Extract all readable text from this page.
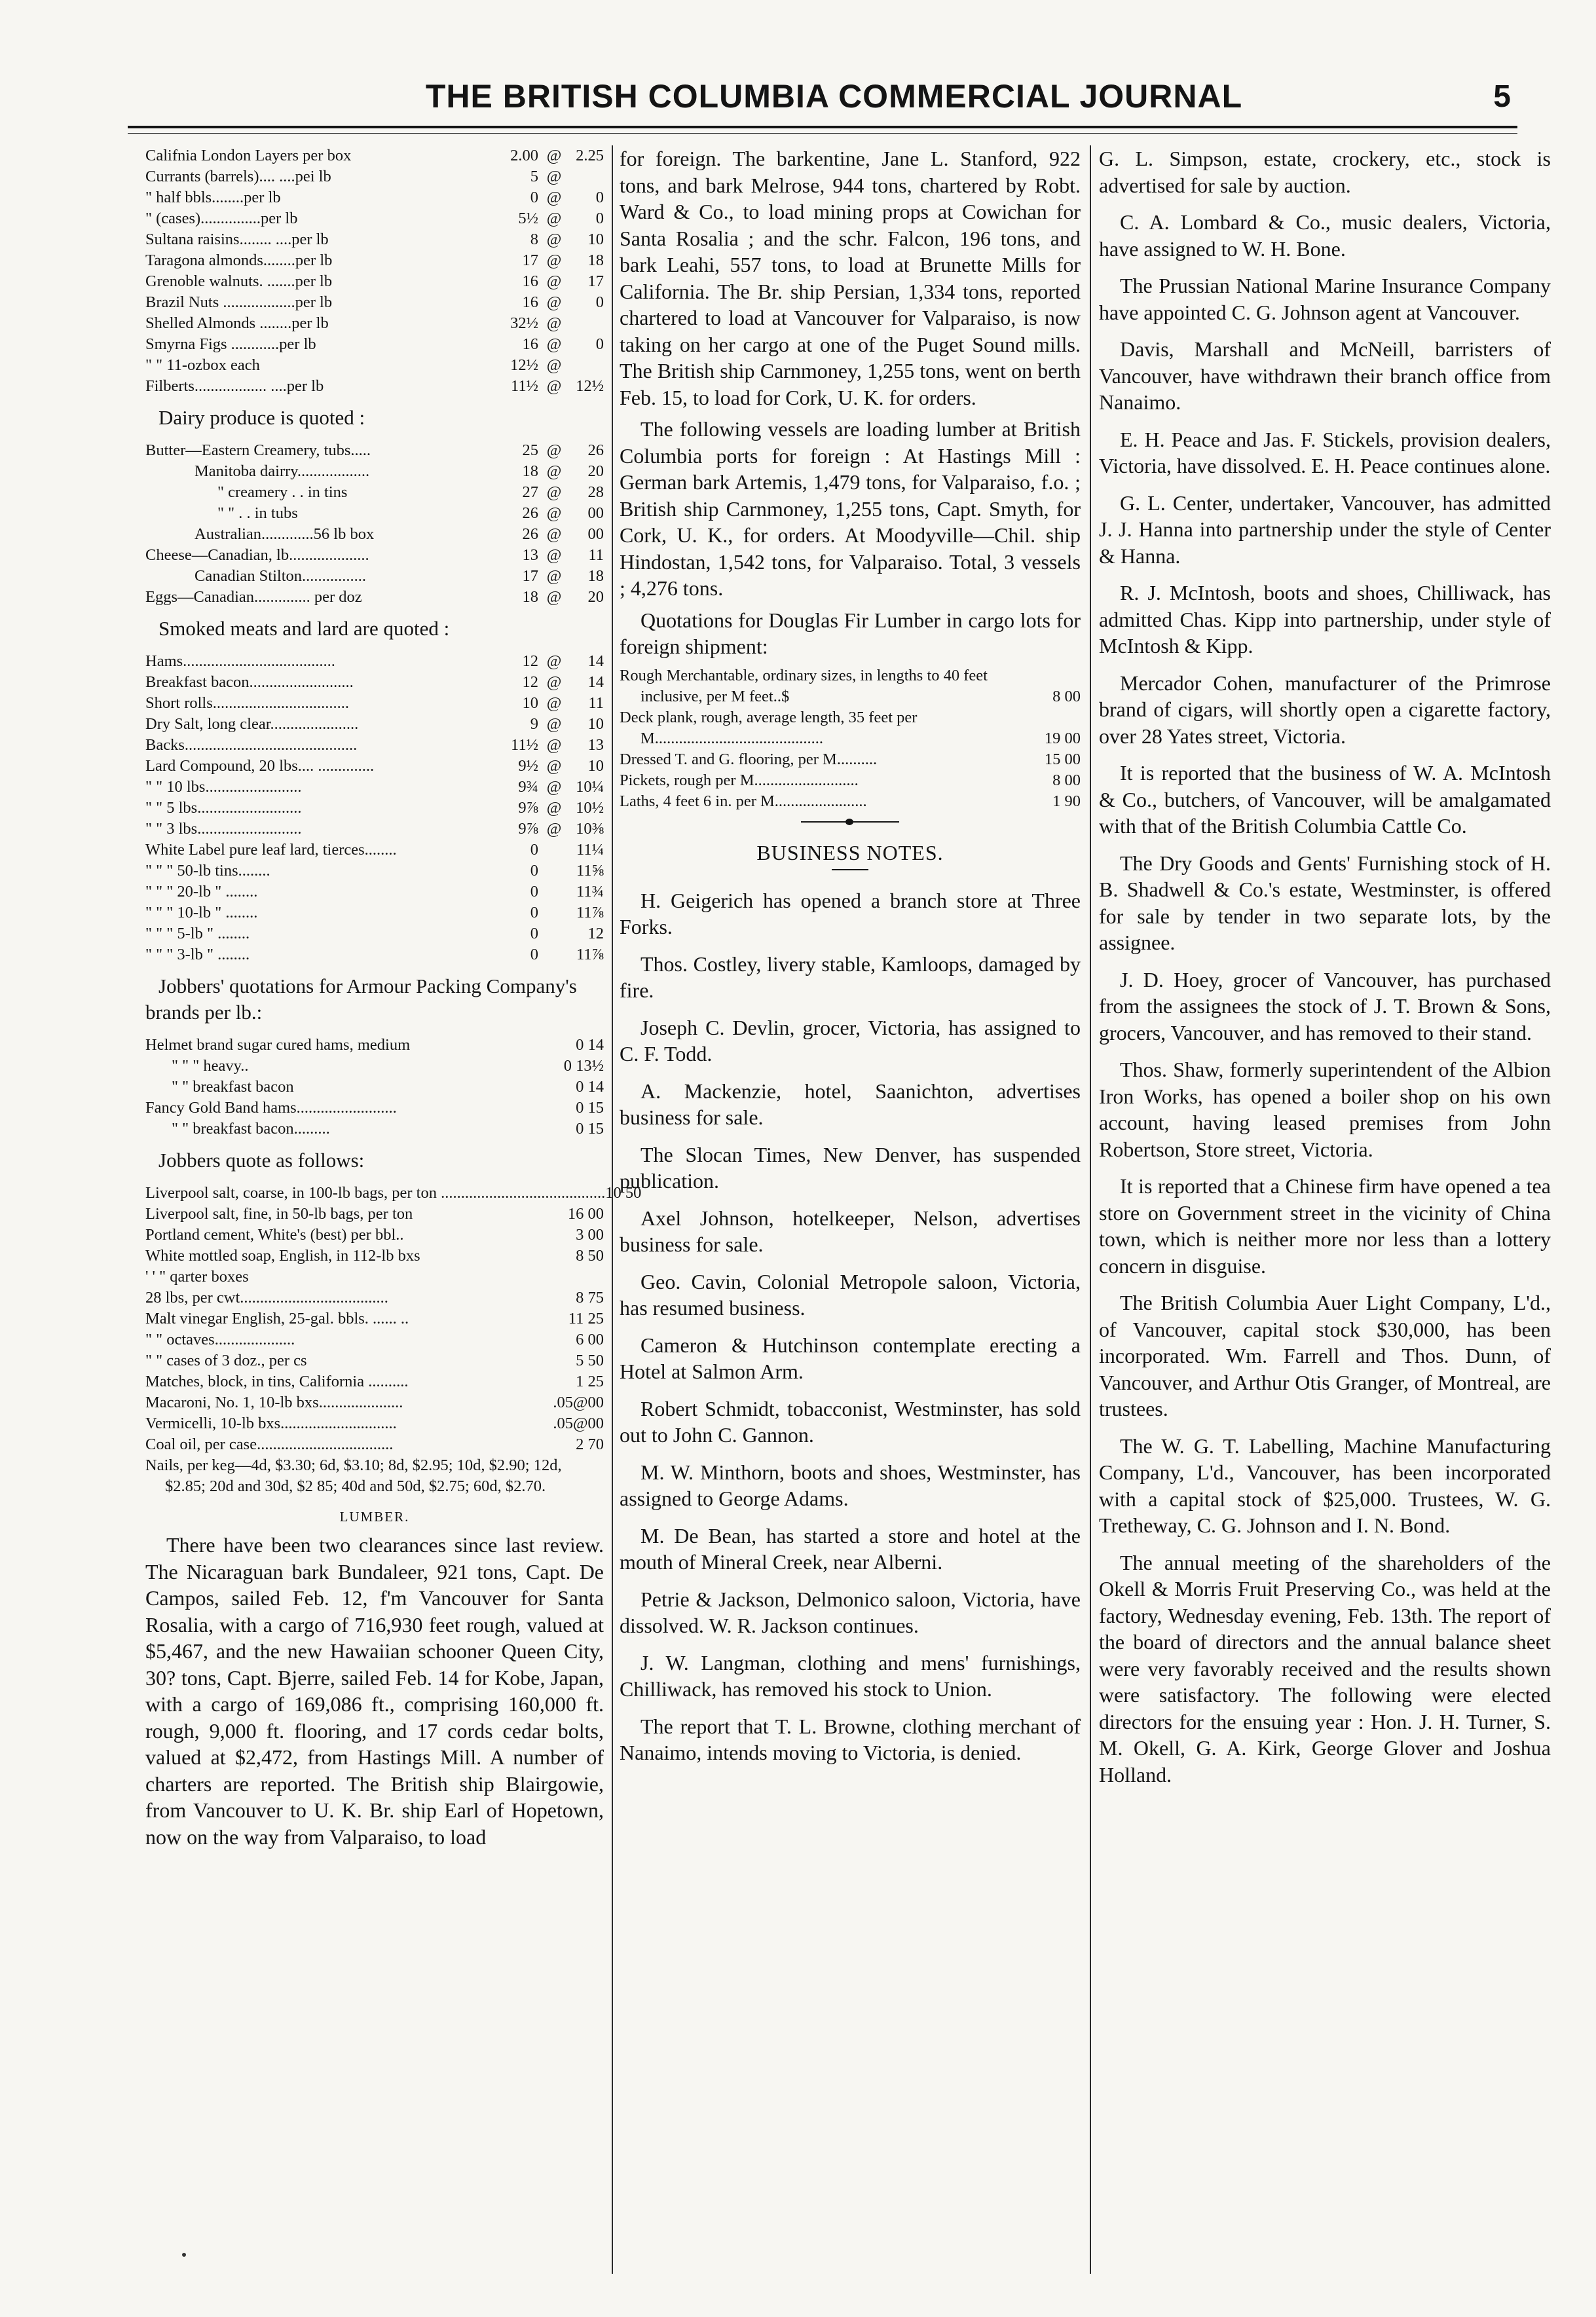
THE BRITISH COLUMBIA COMMERCIAL JOURNAL	5
Califnia London Layers per box	2.00 @ 2.25
Currants (barrels).... ....pei lb	5 @
" half bbls........per lb	0 @	0
" (cases)...............per lb	5½ @	0
Sultana raisins........ ....per lb	8 @	10
Taragona almonds........per lb	17 @	18
Grenoble walnuts. .......per lb	16 @	17
Brazil Nuts ..................per lb	16 @	0
Shelled Almonds ........per lb	32½ @
Smyrna Figs ............per lb	16 @	0
" " 11-ozbox each	12½ @
Filberts.................. ....per lb	11½ @ 12½
Dairy produce is quoted :
Butter—Eastern Creamery, tubs.....	25 @	26
Manitoba dairry..................	18 @	20
" creamery . . in tins	27 @	28
" " . . in tubs	26 @	00
Australian.............56 lb box	26 @	00
Cheese—Canadian, lb....................	13 @	11
Canadian Stilton................	17 @	18
Eggs—Canadian.............. per doz	18 @	20
Smoked meats and lard are quoted :
Hams......................................	12 @	14
Breakfast bacon..........................	12 @	14
Short rolls..................................	10 @	11
Dry Salt, long clear......................	9 @	10
Backs...........................................	11½ @	13
Lard Compound, 20 lbs.... ..............	9½ @	10
" " 10 lbs........................	9¾ @ 10¼
" " 5 lbs..........................	9⅞ @ 10½
" " 3 lbs..........................	9⅞ @ 10⅜
White Label pure leaf lard, tierces........	0	11¼
" " " 50-lb tins........	0	11⅝
" " " 20-lb " ........	0	11¾
" " " 10-lb " ........	0	11⅞
" " " 5-lb " ........	0	12
" " " 3-lb " ........	0	11⅞
Jobbers' quotations for Armour Packing Company's brands per lb.:
Helmet brand sugar cured hams, medium	0 14
" " " heavy..	0 13½
" " breakfast bacon	0 14
Fancy Gold Band hams.........................	0 15
" " breakfast bacon.........	0 15
Jobbers quote as follows:
Liverpool salt, coarse, in 100-lb bags, per ton ......................................... 10 50
Liverpool salt, fine, in 50-lb bags, per ton	16 00
Portland cement, White's (best) per bbl..	3 00
White mottled soap, English, in 112-lb bxs	8 50
' ' " qarter boxes
28 lbs, per cwt.....................................	8 75
Malt vinegar English, 25-gal. bbls. ...... ..	11 25
" " octaves....................	6 00
" " cases of 3 doz., per cs	5 50
Matches, block, in tins, California ..........	1 25
Macaroni, No. 1, 10-lb bxs.....................	.05@00
Vermicelli, 10-lb bxs.............................	.05@00
Coal oil, per case..................................	2 70
Nails, per keg—4d, $3.30; 6d, $3.10; 8d, $2.95; 10d, $2.90; 12d, $2.85; 20d and 30d, $2 85; 40d and 50d, $2.75; 60d, $2.70.
LUMBER.

There have been two clearances since last review. The Nicaraguan bark Bundaleer, 921 tons, Capt. De Campos, sailed Feb. 12, f'm Vancouver for Santa Rosalia, with a cargo of 716,930 feet rough, valued at $5,467, and the new Hawaiian schooner Queen City, 30? tons, Capt. Bjerre, sailed Feb. 14 for Kobe, Japan, with a cargo of 169,086 ft., comprising 160,000 ft. rough, 9,000 ft. flooring, and 17 cords cedar bolts, valued at $2,472, from Hastings Mill. A number of charters are reported. The British ship Blairgowie, from Vancouver to U. K. Br. ship Earl of Hopetown, now on the way from Valparaiso, to load

for foreign. The barkentine, Jane L. Stanford, 922 tons, and bark Melrose, 944 tons, chartered by Robt. Ward & Co., to load mining props at Cowichan for Santa Rosalia ; and the schr. Falcon, 196 tons, and bark Leahi, 557 tons, to load at Brunette Mills for California. The Br. ship Persian, 1,334 tons, reported chartered to load at Vancouver for Valparaiso, is now taking on her cargo at one of the Puget Sound mills. The British ship Carnmoney, 1,255 tons, went on berth Feb. 15, to load for Cork, U. K. for orders.

The following vessels are loading lumber at British Columbia ports for foreign : At Hastings Mill : German bark Artemis, 1,479 tons, for Valparaiso, f.o. ; British ship Carnmoney, 1,255 tons, Capt. Smyth, for Cork, U. K., for orders. At Moodyville—Chil. ship Hindostan, 1,542 tons, for Valparaiso. Total, 3 vessels ; 4,276 tons.

Quotations for Douglas Fir Lumber in cargo lots for foreign shipment:

Rough Merchantable, ordinary sizes, in lengths to 40 feet inclusive, per M feet..$	8 00
Deck plank, rough, average length, 35 feet per M..........................................	19 00
Dressed T. and G. flooring, per M..........	15 00
Pickets, rough per M..........................	8 00
Laths, 4 feet 6 in. per M.......................	1 90
BUSINESS NOTES.

H. Geigerich has opened a branch store at Three Forks.

Thos. Costley, livery stable, Kamloops, damaged by fire.

Joseph C. Devlin, grocer, Victoria, has assigned to C. F. Todd.

A. Mackenzie, hotel, Saanichton, advertises business for sale.

The Slocan Times, New Denver, has suspended publication.

Axel Johnson, hotelkeeper, Nelson, advertises business for sale.

Geo. Cavin, Colonial Metropole saloon, Victoria, has resumed business.

Cameron & Hutchinson contemplate erecting a Hotel at Salmon Arm.

Robert Schmidt, tobacconist, Westminster, has sold out to John C. Gannon.

M. W. Minthorn, boots and shoes, Westminster, has assigned to George Adams.

M. De Bean, has started a store and hotel at the mouth of Mineral Creek, near Alberni.

Petrie & Jackson, Delmonico saloon, Victoria, have dissolved. W. R. Jackson continues.

J. W. Langman, clothing and mens' furnishings, Chilliwack, has removed his stock to Union.

The report that T. L. Browne, clothing merchant of Nanaimo, intends moving to Victoria, is denied.

G. L. Simpson, estate, crockery, etc., stock is advertised for sale by auction.

C. A. Lombard & Co., music dealers, Victoria, have assigned to W. H. Bone.

The Prussian National Marine Insurance Company have appointed C. G. Johnson agent at Vancouver.

Davis, Marshall and McNeill, barristers of Vancouver, have withdrawn their branch office from Nanaimo.

E. H. Peace and Jas. F. Stickels, provision dealers, Victoria, have dissolved. E. H. Peace continues alone.

G. L. Center, undertaker, Vancouver, has admitted J. J. Hanna into partnership under the style of Center & Hanna.

R. J. McIntosh, boots and shoes, Chilliwack, has admitted Chas. Kipp into partnership, under style of McIntosh & Kipp.

Mercador Cohen, manufacturer of the Primrose brand of cigars, will shortly open a cigarette factory, over 28 Yates street, Victoria.

It is reported that the business of W. A. McIntosh & Co., butchers, of Vancouver, will be amalgamated with that of the British Columbia Cattle Co.

The Dry Goods and Gents' Furnishing stock of H. B. Shadwell & Co.'s estate, Westminster, is offered for sale by tender in two separate lots, by the assignee.

J. D. Hoey, grocer of Vancouver, has purchased from the assignees the stock of J. T. Brown & Sons, grocers, Vancouver, and has removed to their stand.

Thos. Shaw, formerly superintendent of the Albion Iron Works, has opened a boiler shop on his own account, having leased premises from John Robertson, Store street, Victoria.

It is reported that a Chinese firm have opened a tea store on Government street in the vicinity of China town, which is neither more nor less than a lottery concern in disguise.

The British Columbia Auer Light Company, L'd., of Vancouver, capital stock $30,000, has been incorporated. Wm. Farrell and Thos. Dunn, of Vancouver, and Arthur Otis Granger, of Montreal, are trustees.

The W. G. T. Labelling, Machine Manufacturing Company, L'd., Vancouver, has been incorporated with a capital stock of $25,000. Trustees, W. G. Tretheway, C. G. Johnson and I. N. Bond.

The annual meeting of the shareholders of the Okell & Morris Fruit Preserving Co., was held at the factory, Wednesday evening, Feb. 13th. The report of the board of directors and the annual balance sheet were very favorably received and the results shown were satisfactory. The following were elected directors for the ensuing year : Hon. J. H. Turner, S. M. Okell, G. A. Kirk, George Glover and Joshua Holland.
